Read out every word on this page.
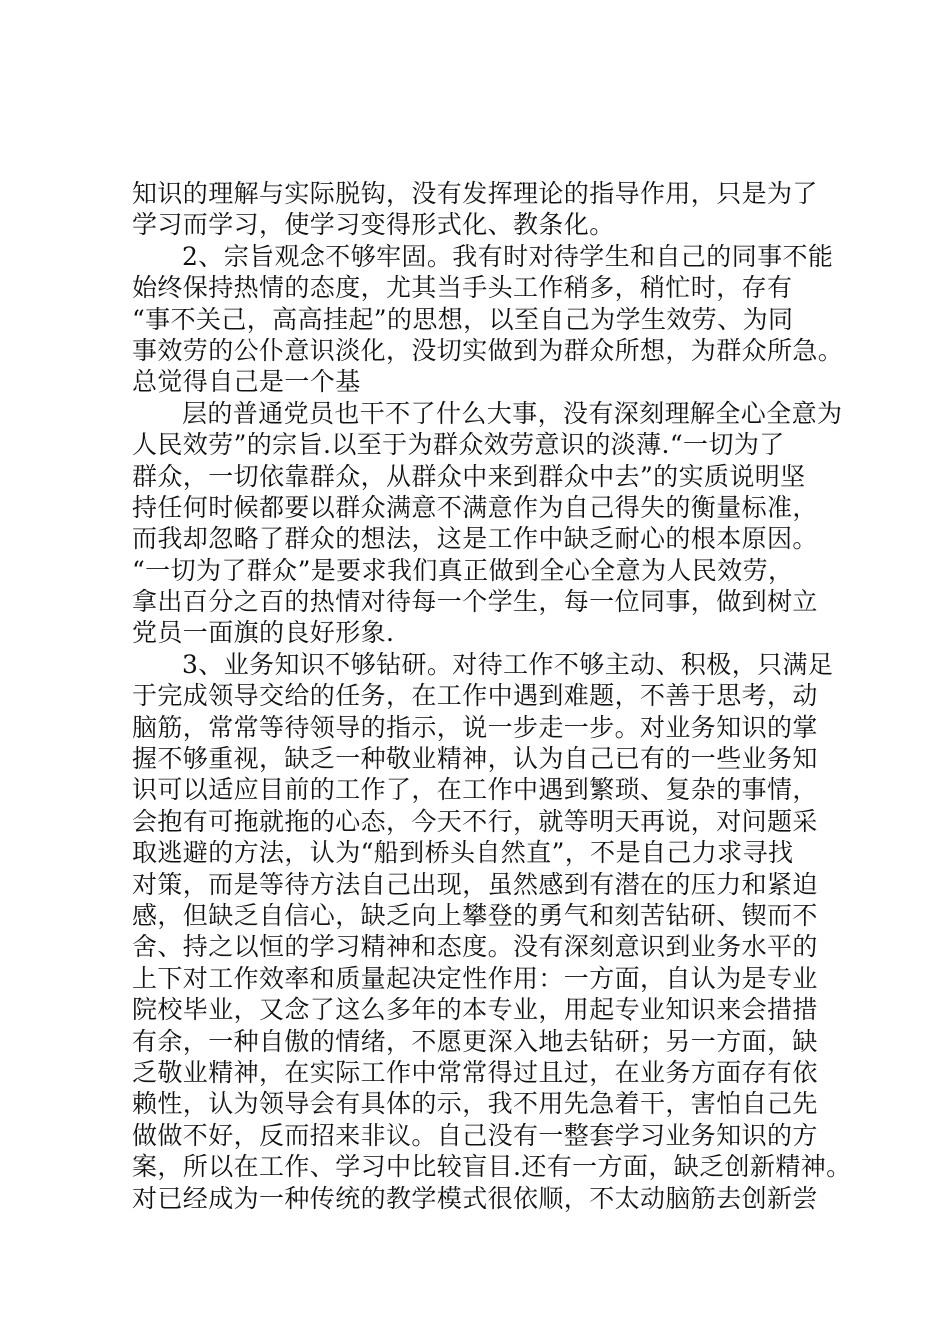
知识的理解与实际脱钩，没有发挥理论的指导作用，只是为了
学习而学习，使学习变得形式化、教条化。
2、宗旨观念不够牢固。我有时对待学生和自己的同事不能
始终保持热情的态度，尤其当手头工作稍多，稍忙时，存有
“事不关己，高高挂起”的思想，以至自己为学生效劳、为同
事效劳的公仆意识淡化，没切实做到为群众所想，为群众所急。
总觉得自己是一个基
层的普通党员也干不了什么大事，没有深刻理解全心全意为
人民效劳”的宗旨.以至于为群众效劳意识的淡薄.“一切为了
群众，一切依靠群众，从群众中来到群众中去”的实质说明坚
持任何时候都要以群众满意不满意作为自己得失的衡量标准，
而我却忽略了群众的想法，这是工作中缺乏耐心的根本原因。
“一切为了群众”是要求我们真正做到全心全意为人民效劳，
拿出百分之百的热情对待每一个学生，每一位同事，做到树立
党员一面旗的良好形象.
3、业务知识不够钻研。对待工作不够主动、积极，只满足
于完成领导交给的任务，在工作中遇到难题，不善于思考，动
脑筋，常常等待领导的指示，说一步走一步。对业务知识的掌
握不够重视，缺乏一种敬业精神，认为自己已有的一些业务知
识可以适应目前的工作了，在工作中遇到繁琐、复杂的事情，
会抱有可拖就拖的心态，今天不行，就等明天再说，对问题采
取逃避的方法，认为“船到桥头自然直”，不是自己力求寻找
对策，而是等待方法自己出现，虽然感到有潜在的压力和紧迫
感，但缺乏自信心，缺乏向上攀登的勇气和刻苦钻研、锲而不
舍、持之以恒的学习精神和态度。没有深刻意识到业务水平的
上下对工作效率和质量起决定性作用：一方面，自认为是专业
院校毕业，又念了这么多年的本专业，用起专业知识来会措措
有余，一种自傲的情绪，不愿更深入地去钻研；另一方面，缺
乏敬业精神，在实际工作中常常得过且过，在业务方面存有依
赖性，认为领导会有具体的示，我不用先急着干，害怕自己先
做做不好，反而招来非议。自己没有一整套学习业务知识的方
案，所以在工作、学习中比较盲目.还有一方面，缺乏创新精神。
对已经成为一种传统的教学模式很依顺，不太动脑筋去创新尝
